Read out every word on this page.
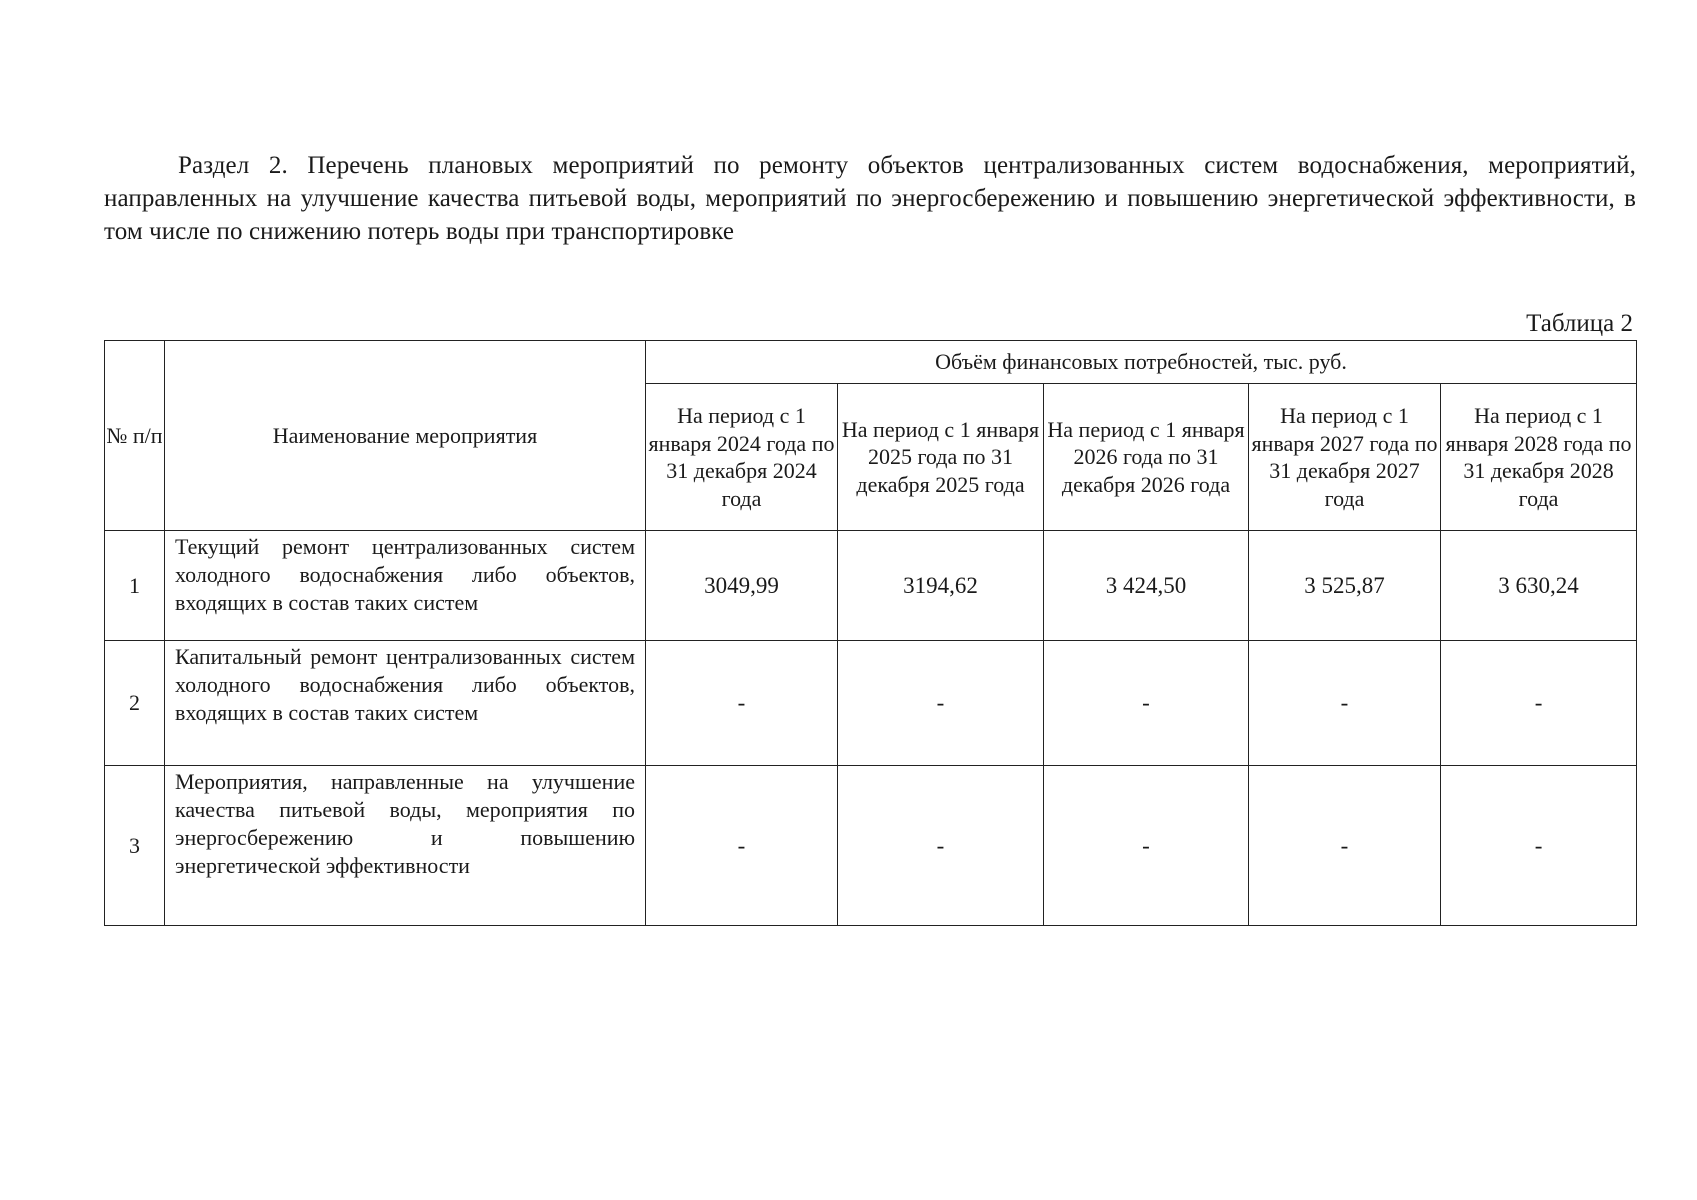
Раздел 2. Перечень плановых мероприятий по ремонту объектов централизованных систем водоснабжения, мероприятий, направленных на улучшение качества питьевой воды, мероприятий по энергосбережению и повышению энергетической эффективности, в том числе по снижению потерь воды при транспортировке
Таблица 2
№ п/п	Наименование мероприятия	Объём финансовых потребностей, тыс. руб.				
		На период с 1 января 2024 года по 31 декабря 2024 года	На период с 1 января 2025 года по 31 декабря 2025 года	На период с 1 января 2026 года по 31 декабря 2026 года	На период с 1 января 2027 года по 31 декабря 2027 года	На период с 1 января 2028 года по 31 декабря 2028 года
1	Текущий ремонт централизованных систем холодного водоснабжения либо объектов, входящих в состав таких систем	3049,99	3194,62	3 424,50	3 525,87	3 630,24
2	Капитальный ремонт централизованных систем холодного водоснабжения либо объектов, входящих в состав таких систем	-	-	-	-	-
3	Мероприятия, направленные на улучшение качества питьевой воды, мероприятия по энергосбережению и повышению энергетической эффективности	-	-	-	-	-
